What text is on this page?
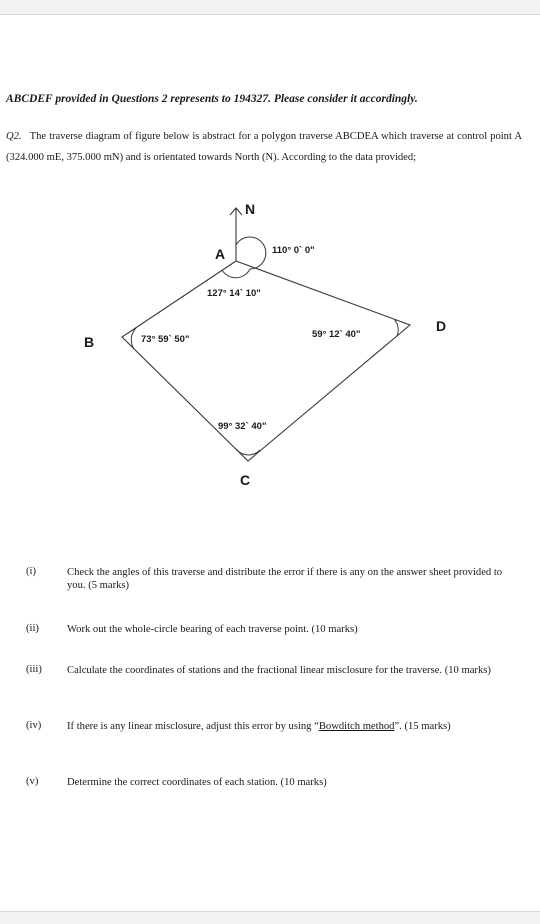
ABCDEF provided in Questions 2 represents to 194327. Please consider it accordingly.
Q2. The traverse diagram of figure below is abstract for a polygon traverse ABCDEA which traverse at control point A (324.000 mE, 375.000 mN) and is orientated towards North (N). According to the data provided;
N
A
B
C
D
110° 0` 0"
127° 14` 10"
73° 59` 50"
99° 32` 40"
59° 12` 40"
(i)	Check the angles of this traverse and distribute the error if there is any on the answer sheet provided to you. (5 marks)
(ii)	Work out the whole-circle bearing of each traverse point. (10 marks)
(iii) Calculate the coordinates of stations and the fractional linear misclosure for the traverse. (10 marks)
(iv) If there is any linear misclosure, adjust this error by using “Bowditch method”. (15 marks)
(v)	Determine the correct coordinates of each station. (10 marks)
